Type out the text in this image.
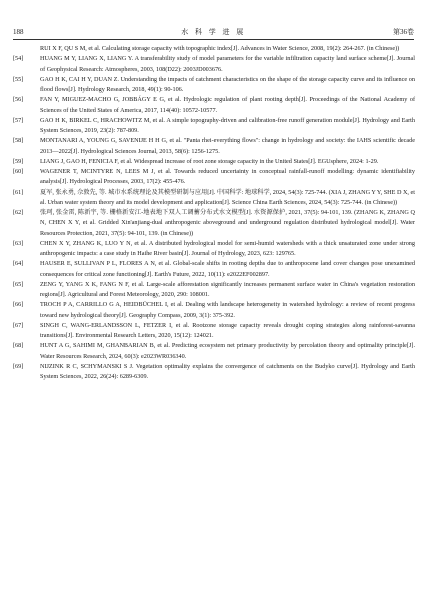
188	水 科 学 进 展	第36卷
RUI X F, QU S M, et al. Calculating storage capacity with topographic index[J]. Advances in Water Science, 2008, 19(2): 264-267. (in Chinese))
[54]	HUANG M Y, LIANG X, LIANG Y. A transferability study of model parameters for the variable infiltration capacity land surface scheme[J]. Journal of Geophysical Research: Atmospheres, 2003, 108(D22): 2003JD003676.
[55]	GAO H K, CAI H Y, DUAN Z. Understanding the impacts of catchment characteristics on the shape of the storage capacity curve and its influence on flood flows[J]. Hydrology Research, 2018, 49(1): 90-106.
[56]	FAN Y, MIGUEZ-MACHO G, JOBBÁGY E G, et al. Hydrologic regulation of plant rooting depth[J]. Proceedings of the National Academy of Sciences of the United States of America, 2017, 114(40): 10572-10577.
[57]	GAO H K, BIRKEL C, HRACHOWITZ M, et al. A simple topography-driven and calibration-free runoff generation module[J]. Hydrology and Earth System Sciences, 2019, 23(2): 787-809.
[58]	MONTANARI A, YOUNG G, SAVENIJE H H G, et al. "Panta rhei-everything flows": change in hydrology and society: the IAHS scientific decade 2013—2022[J]. Hydrological Sciences Journal, 2013, 58(6): 1256-1275.
[59]	LIANG J, GAO H, FENICIA F, et al. Widespread increase of root zone storage capacity in the United States[J]. EGUsphere, 2024: 1-29.
[60]	WAGENER T, MCINTYRE N, LEES M J, et al. Towards reduced uncertainty in conceptual rainfall-runoff modelling: dynamic identifiability analysis[J]. Hydrological Processes, 2003, 17(2): 455-476.
[61]	夏军, 张永勇, 佘敦先, 等. 城市水系统理论及其模型研制与应用[J]. 中国科学: 地球科学, 2024, 54(3): 725-744. (XIA J, ZHANG Y Y, SHE D X, et al. Urban water system theory and its model development and application[J]. Science China Earth Sciences, 2024, 54(3): 725-744. (in Chinese))
[62]	张珂, 张金雷, 陈新宇, 等. 栅格新安江-地表地下双人工调蓄分布式水文模型[J]. 水资源保护, 2021, 37(5): 94-101, 139. (ZHANG K, ZHANG Q N, CHEN X Y, et al. Gridded Xin'anjiang-dual anthropogenic aboveground and underground regulation distributed hydrological model[J]. Water Resources Protection, 2021, 37(5): 94-101, 139. (in Chinese))
[63]	CHEN X Y, ZHANG K, LUO Y N, et al. A distributed hydrological model for semi-humid watersheds with a thick unsaturated zone under strong anthropogenic impacts: a case study in Haihe River basin[J]. Journal of Hydrology, 2023, 623: 129765.
[64]	HAUSER E, SULLIVAN P L, FLORES A N, et al. Global-scale shifts in rooting depths due to anthropocene land cover changes pose unexamined consequences for critical zone functioning[J]. Earth's Future, 2022, 10(11): e2022EF002897.
[65]	ZENG Y, YANG X K, FANG N F, et al. Large-scale afforestation significantly increases permanent surface water in China's vegetation restoration regions[J]. Agricultural and Forest Meteorology, 2020, 290: 108001.
[66]	TROCH P A, CARRILLO G A, HEIDBÜCHEL I, et al. Dealing with landscape heterogeneity in watershed hydrology: a review of recent progress toward new hydrological theory[J]. Geography Compass, 2009, 3(1): 375-392.
[67]	SINGH C, WANG-ERLANDSSON L, FETZER I, et al. Rootzone storage capacity reveals drought coping strategies along rainforest-savanna transitions[J]. Environmental Research Letters, 2020, 15(12): 124021.
[68]	HUNT A G, SAHIMI M, GHANBARIAN B, et al. Predicting ecosystem net primary productivity by percolation theory and optimality principle[J]. Water Resources Research, 2024, 60(3): e2023WR036340.
[69]	NIJZINK R C, SCHYMANSKI S J. Vegetation optimality explains the convergence of catchments on the Budyko curve[J]. Hydrology and Earth System Sciences, 2022, 26(24): 6289-6309.
